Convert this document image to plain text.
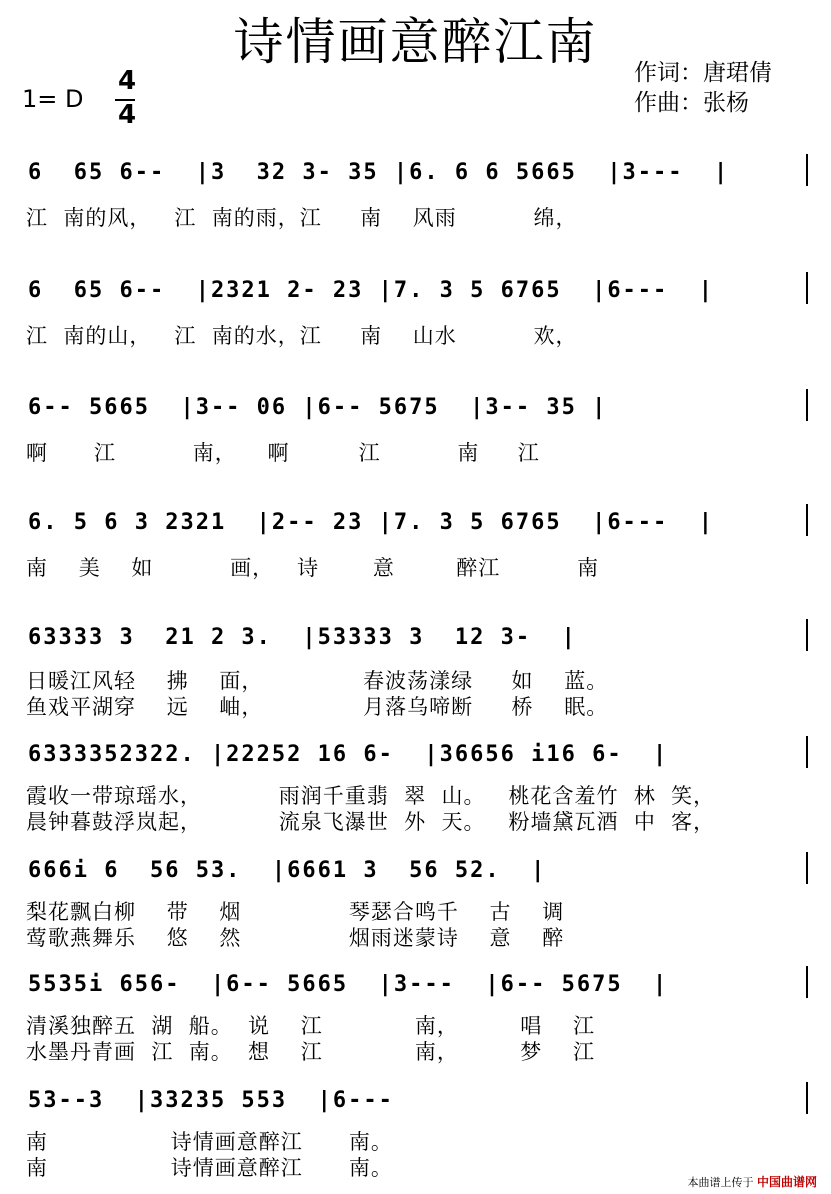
诗情画意醉江南
1= D
4
4
作词：唐珺倩
作曲：张杨
6  65 6--  |3  32 3- 35 |6. 6 6 5665  |3---  |
江  南的风，   江  南的雨，江     南    风雨          绵，
6  65 6--  |2321 2- 23 |7. 3 5 6765  |6---  |
江  南的山，   江  南的水，江     南    山水          欢，
6-- 5665  |3-- 06 |6-- 5675  |3-- 35 |
啊      江          南，    啊         江          南     江
6. 5 6 3 2321  |2-- 23 |7. 3 5 6765  |6---  |
南    美    如          画，   诗       意        醉江          南
63333 3  21 2 3.  |53333 3  12 3-  |
日暖江风轻    拂    面，             春波荡漾绿     如    蓝。
鱼戏平湖穿    远    岫，             月落乌啼断     桥    眠。
6333352322. |22252 16 6-  |36656 i16 6-  |
霞收一带琼瑶水，          雨润千重翡  翠  山。   桃花含羞竹  林  笑，
晨钟暮鼓浮岚起，          流泉飞瀑世  外  天。   粉墙黛瓦酒  中  客，
666i 6  56 53.  |6661 3  56 52.  |
梨花飘白柳    带    烟              琴瑟合鸣千    古    调
莺歌燕舞乐    悠    然              烟雨迷蒙诗    意    醉
5535i 656-  |6-- 5665  |3---  |6-- 5675  |
清溪独醉五  湖  船。  说    江            南，        唱    江
水墨丹青画  江  南。  想    江            南，        梦    江
53--3  |33235 553  |6---
南                诗情画意醉江      南。
南                诗情画意醉江      南。
本曲谱上传于 中国曲谱网
